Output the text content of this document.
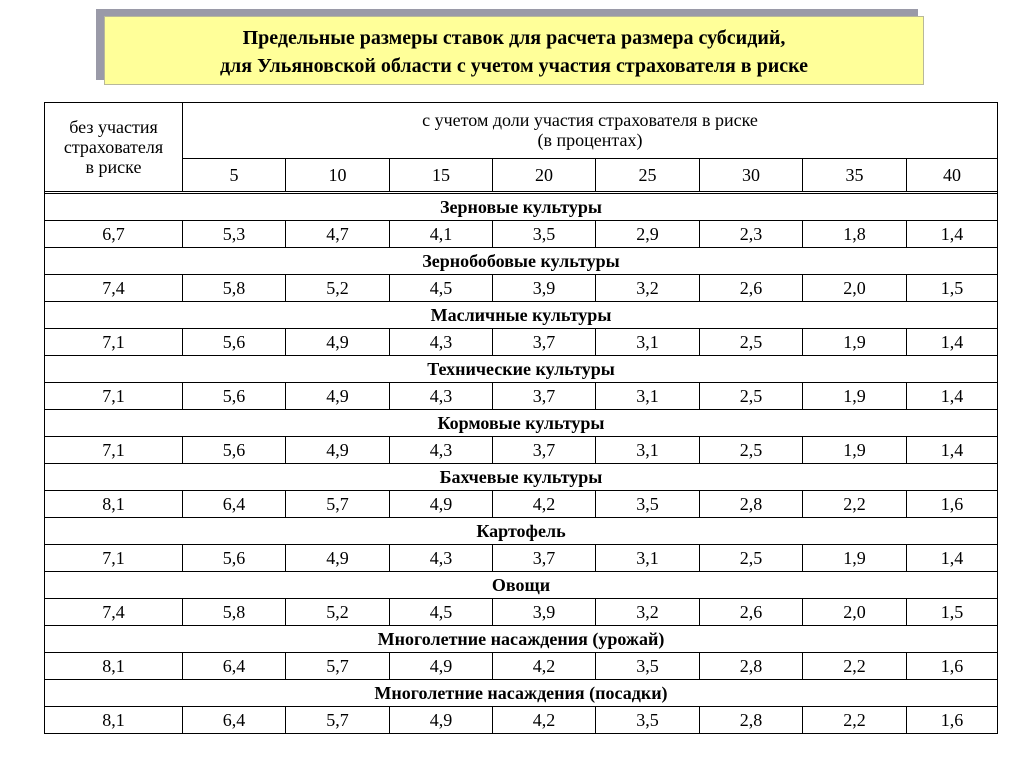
Предельные размеры ставок для расчета размера субсидий,
для Ульяновской области с учетом участия страхователя в риске
без участия
страхователя
в риске	с учетом доли участия страхователя в риске
(в процентах)							
	5	10	15	20	25	30	35	40

Зерновые культуры								
6,7	5,3	4,7	4,1	3,5	2,9	2,3	1,8	1,4
Зернобобовые культуры								
7,4	5,8	5,2	4,5	3,9	3,2	2,6	2,0	1,5
Масличные культуры								
7,1	5,6	4,9	4,3	3,7	3,1	2,5	1,9	1,4
Технические культуры								
7,1	5,6	4,9	4,3	3,7	3,1	2,5	1,9	1,4
Кормовые культуры								
7,1	5,6	4,9	4,3	3,7	3,1	2,5	1,9	1,4
Бахчевые культуры								
8,1	6,4	5,7	4,9	4,2	3,5	2,8	2,2	1,6
Картофель								
7,1	5,6	4,9	4,3	3,7	3,1	2,5	1,9	1,4
Овощи								
7,4	5,8	5,2	4,5	3,9	3,2	2,6	2,0	1,5
Многолетние насаждения (урожай)								
8,1	6,4	5,7	4,9	4,2	3,5	2,8	2,2	1,6
Многолетние насаждения (посадки)								
8,1	6,4	5,7	4,9	4,2	3,5	2,8	2,2	1,6
